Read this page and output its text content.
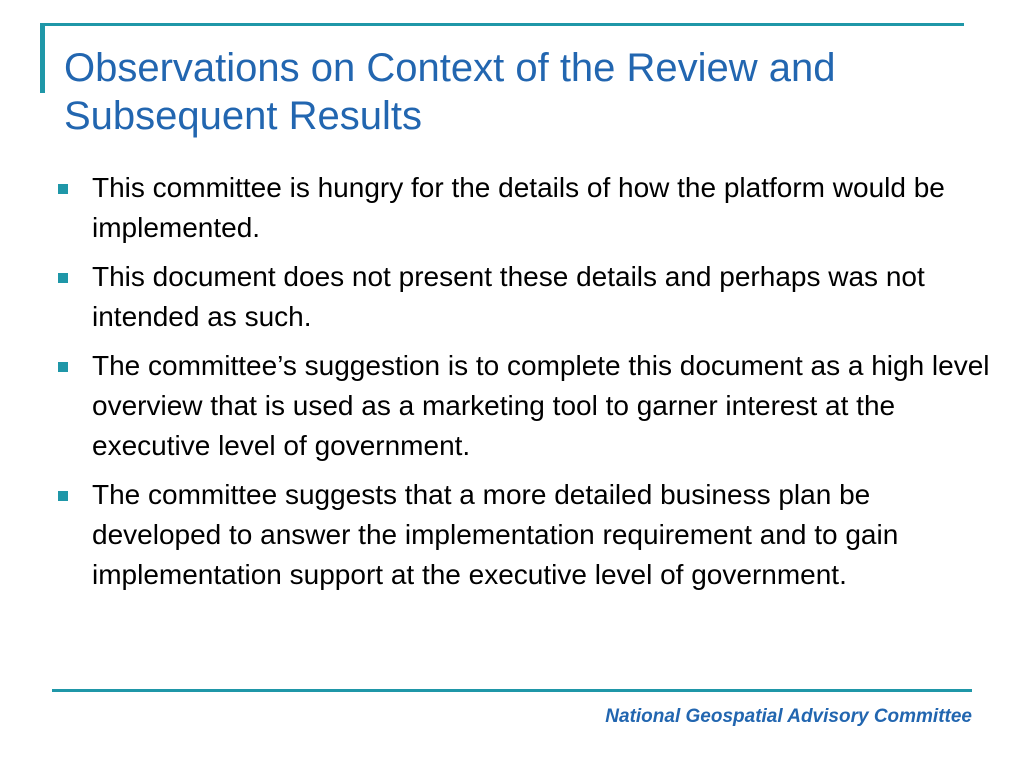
Observations on Context of the Review and Subsequent Results
This committee is hungry for the details of how the platform would be implemented.
This document does not present these details and perhaps was not intended as such.
The committee’s suggestion is to complete this document as a high level overview that is used as a marketing tool to garner interest at the executive level of government.
The committee suggests that a more detailed business plan be developed to answer the implementation requirement and to gain implementation support at the executive level of government.
National Geospatial Advisory Committee
